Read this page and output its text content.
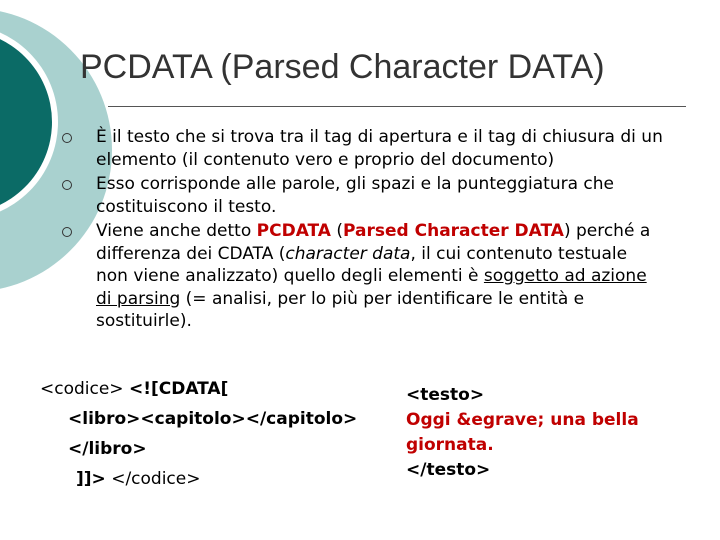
PCDATA (Parsed Character DATA)
È il testo che si trova tra il tag di apertura e il tag di chiusura di un
elemento (il contenuto vero e proprio del documento)
Esso corrisponde alle parole, gli spazi e la punteggiatura che
costituiscono il testo.
Viene anche detto PCDATA (Parsed Character DATA) perché a
differenza dei CDATA (character data, il cui contenuto testuale
non viene analizzato) quello degli elementi è soggetto ad azione
di parsing (= analisi, per lo più per identificare le entità e
sostituirle).
<codice> <![CDATA[
<libro><capitolo></capitolo>
</libro>
]]> </codice>
<testo>
Oggi &egrave; una bella
giornata.
</testo>
